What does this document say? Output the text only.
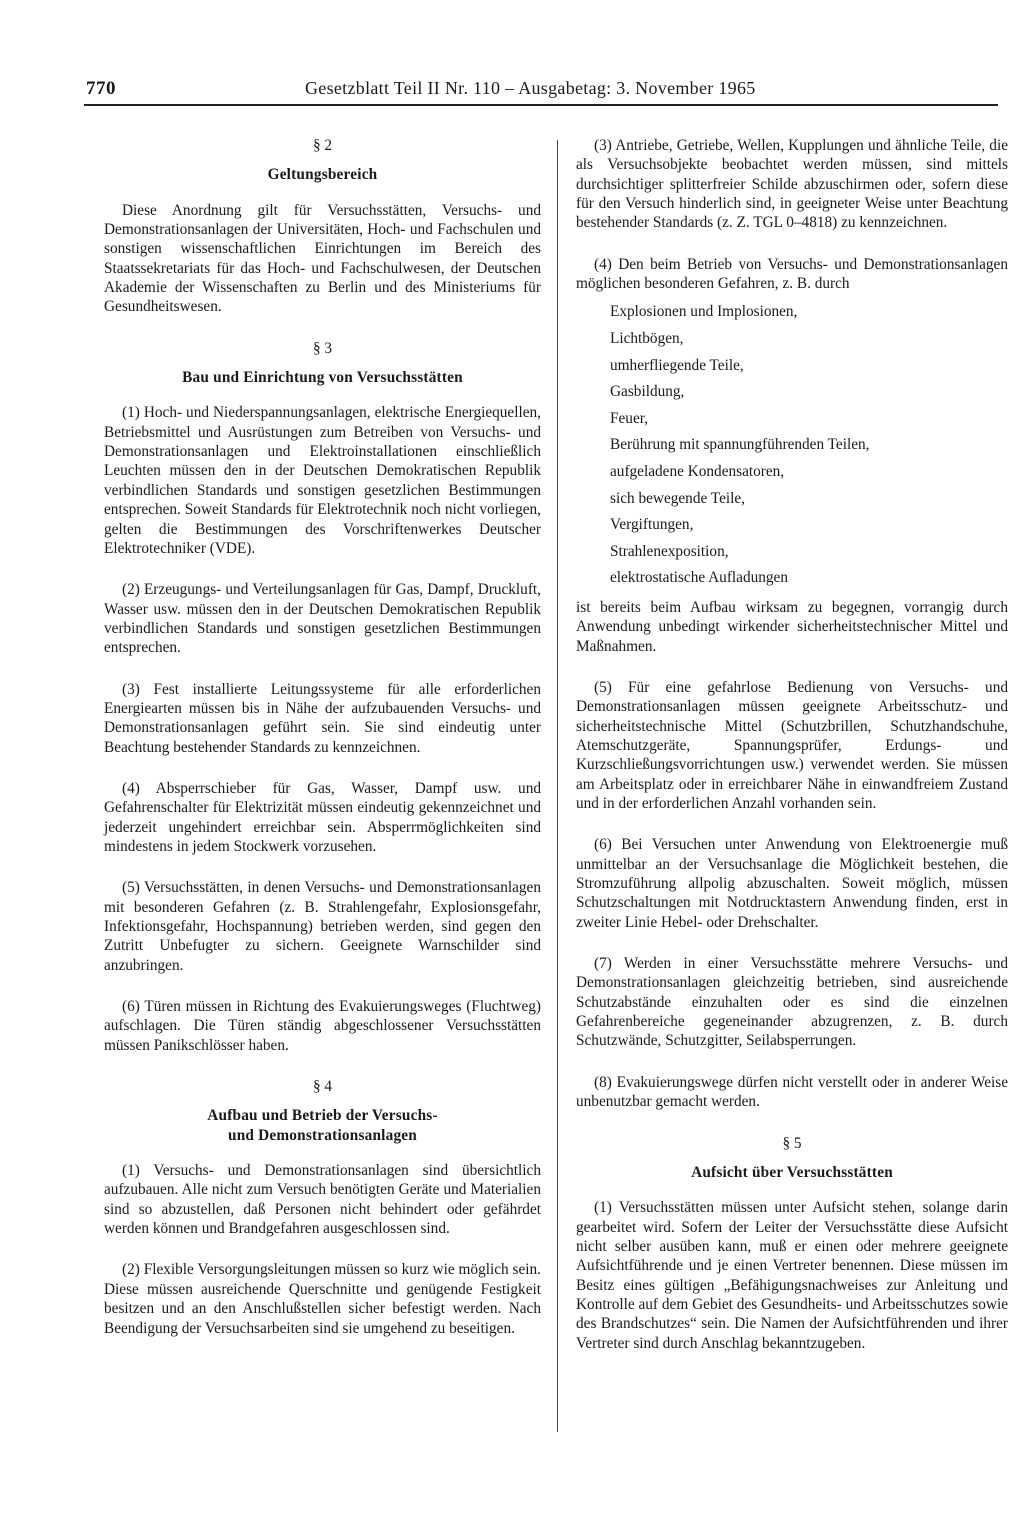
770	Gesetzblatt Teil II Nr. 110 – Ausgabetag: 3. November 1965
§ 2
Geltungsbereich

Diese Anordnung gilt für Versuchsstätten, Versuchs- und Demonstrationsanlagen der Universitäten, Hoch- und Fachschulen und sonstigen wissenschaftlichen Einrichtungen im Bereich des Staatssekretariats für das Hoch- und Fachschulwesen, der Deutschen Akademie der Wissenschaften zu Berlin und des Ministeriums für Gesundheitswesen.

§ 3
Bau und Einrichtung von Versuchsstätten

(1) Hoch- und Niederspannungsanlagen, elektrische Energiequellen, Betriebsmittel und Ausrüstungen zum Betreiben von Versuchs- und Demonstrationsanlagen und Elektroinstallationen einschließlich Leuchten müssen den in der Deutschen Demokratischen Republik verbindlichen Standards und sonstigen gesetzlichen Bestimmungen entsprechen. Soweit Standards für Elektrotechnik noch nicht vorliegen, gelten die Bestimmungen des Vorschriftenwerkes Deutscher Elektrotechniker (VDE).

(2) Erzeugungs- und Verteilungsanlagen für Gas, Dampf, Druckluft, Wasser usw. müssen den in der Deutschen Demokratischen Republik verbindlichen Standards und sonstigen gesetzlichen Bestimmungen entsprechen.

(3) Fest installierte Leitungssysteme für alle erforderlichen Energiearten müssen bis in Nähe der aufzubauenden Versuchs- und Demonstrationsanlagen geführt sein. Sie sind eindeutig unter Beachtung bestehender Standards zu kennzeichnen.

(4) Absperrschieber für Gas, Wasser, Dampf usw. und Gefahrenschalter für Elektrizität müssen eindeutig gekennzeichnet und jederzeit ungehindert erreichbar sein. Absperrmöglichkeiten sind mindestens in jedem Stockwerk vorzusehen.

(5) Versuchsstätten, in denen Versuchs- und Demonstrationsanlagen mit besonderen Gefahren (z. B. Strahlengefahr, Explosionsgefahr, Infektionsgefahr, Hochspannung) betrieben werden, sind gegen den Zutritt Unbefugter zu sichern. Geeignete Warnschilder sind anzubringen.

(6) Türen müssen in Richtung des Evakuierungsweges (Fluchtweg) aufschlagen. Die Türen ständig abgeschlossener Versuchsstätten müssen Panikschlösser haben.

§ 4
Aufbau und Betrieb der Versuchs-
und Demonstrationsanlagen

(1) Versuchs- und Demonstrationsanlagen sind übersichtlich aufzubauen. Alle nicht zum Versuch benötigten Geräte und Materialien sind so abzustellen, daß Personen nicht behindert oder gefährdet werden können und Brandgefahren ausgeschlossen sind.

(2) Flexible Versorgungsleitungen müssen so kurz wie möglich sein. Diese müssen ausreichende Querschnitte und genügende Festigkeit besitzen und an den Anschlußstellen sicher befestigt werden. Nach Beendigung der Versuchsarbeiten sind sie umgehend zu beseitigen.

(3) Antriebe, Getriebe, Wellen, Kupplungen und ähnliche Teile, die als Versuchsobjekte beobachtet werden müssen, sind mittels durchsichtiger splitterfreier Schilde abzuschirmen oder, sofern diese für den Versuch hinderlich sind, in geeigneter Weise unter Beachtung bestehender Standards (z. Z. TGL 0–4818) zu kennzeichnen.

(4) Den beim Betrieb von Versuchs- und Demonstrationsanlagen möglichen besonderen Gefahren, z. B. durch

Explosionen und Implosionen,
Lichtbögen,
umherfliegende Teile,
Gasbildung,
Feuer,
Berührung mit spannungführenden Teilen,
aufgeladene Kondensatoren,
sich bewegende Teile,
Vergiftungen,
Strahlenexposition,
elektrostatische Aufladungen

ist bereits beim Aufbau wirksam zu begegnen, vorrangig durch Anwendung unbedingt wirkender sicherheitstechnischer Mittel und Maßnahmen.

(5) Für eine gefahrlose Bedienung von Versuchs- und Demonstrationsanlagen müssen geeignete Arbeitsschutz- und sicherheitstechnische Mittel (Schutzbrillen, Schutzhandschuhe, Atemschutzgeräte, Spannungsprüfer, Erdungs- und Kurzschließungsvorrichtungen usw.) verwendet werden. Sie müssen am Arbeitsplatz oder in erreichbarer Nähe in einwandfreiem Zustand und in der erforderlichen Anzahl vorhanden sein.

(6) Bei Versuchen unter Anwendung von Elektroenergie muß unmittelbar an der Versuchsanlage die Möglichkeit bestehen, die Stromzuführung allpolig abzuschalten. Soweit möglich, müssen Schutzschaltungen mit Notdrucktastern Anwendung finden, erst in zweiter Linie Hebel- oder Drehschalter.

(7) Werden in einer Versuchsstätte mehrere Versuchs- und Demonstrationsanlagen gleichzeitig betrieben, sind ausreichende Schutzabstände einzuhalten oder es sind die einzelnen Gefahrenbereiche gegeneinander abzugrenzen, z. B. durch Schutzwände, Schutzgitter, Seilabsperrungen.

(8) Evakuierungswege dürfen nicht verstellt oder in anderer Weise unbenutzbar gemacht werden.

§ 5
Aufsicht über Versuchsstätten

(1) Versuchsstätten müssen unter Aufsicht stehen, solange darin gearbeitet wird. Sofern der Leiter der Versuchsstätte diese Aufsicht nicht selber ausüben kann, muß er einen oder mehrere geeignete Aufsichtführende und je einen Vertreter benennen. Diese müssen im Besitz eines gültigen „Befähigungsnachweises zur Anleitung und Kontrolle auf dem Gebiet des Gesundheits- und Arbeitsschutzes sowie des Brandschutzes“ sein. Die Namen der Aufsichtführenden und ihrer Vertreter sind durch Anschlag bekanntzugeben.
